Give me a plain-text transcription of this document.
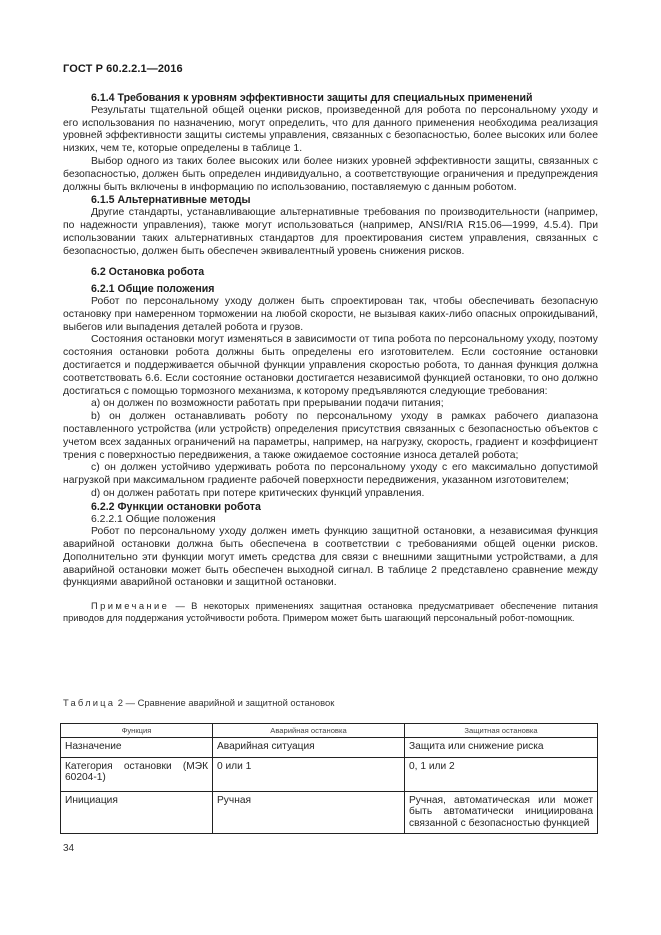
ГОСТ Р 60.2.2.1—2016
6.1.4 Требования к уровням эффективности защиты для специальных применений

Результаты тщательной общей оценки рисков, произведенной для робота по персональному уходу и его использования по назначению, могут определить, что для данного применения необходима реализация уровней эффективности защиты системы управления, связанных с безопасностью, более высоких или более низких, чем те, которые определены в таблице 1.

Выбор одного из таких более высоких или более низких уровней эффективности защиты, связанных с безопасностью, должен быть определен индивидуально, а соответствующие ограничения и предупреждения должны быть включены в информацию по использованию, поставляемую с данным роботом.

6.1.5 Альтернативные методы

Другие стандарты, устанавливающие альтернативные требования по производительности (например, по надежности управления), также могут использоваться (например, ANSI/RIA R15.06—1999, 4.5.4). При использовании таких альтернативных стандартов для проектирования систем управления, связанных с безопасностью, должен быть обеспечен эквивалентный уровень снижения рисков.

6.2 Остановка робота
6.2.1 Общие положения

Робот по персональному уходу должен быть спроектирован так, чтобы обеспечивать безопасную остановку при намеренном торможении на любой скорости, не вызывая каких-либо опасных опрокидываний, выбегов или выпадения деталей робота и грузов.

Состояния остановки могут изменяться в зависимости от типа робота по персональному уходу, поэтому состояния остановки робота должны быть определены его изготовителем. Если состояние остановки достигается и поддерживается обычной функции управления скоростью робота, то данная функция должна соответствовать 6.6. Если состояние остановки достигается независимой функцией остановки, то оно должно достигаться с помощью тормозного механизма, к которому предъявляются следующие требования:

a) он должен по возможности работать при прерывании подачи питания;

b) он должен останавливать роботу по персональному уходу в рамках рабочего диапазона поставленного устройства (или устройств) определения присутствия связанных с безопасностью объектов с учетом всех заданных ограничений на параметры, например, на нагрузку, скорость, градиент и коэффициент трения с поверхностью передвижения, а также ожидаемое состояние износа деталей робота;

c) он должен устойчиво удерживать робота по персональному уходу с его максимально допустимой нагрузкой при максимальном градиенте рабочей поверхности передвижения, указанном изготовителем;

d) он должен работать при потере критических функций управления.

6.2.2 Функции остановки робота
6.2.2.1 Общие положения

Робот по персональному уходу должен иметь функцию защитной остановки, а независимая функция аварийной остановки должна быть обеспечена в соответствии с требованиями общей оценки рисков. Дополнительно эти функции могут иметь средства для связи с внешними защитными устройствами, а для аварийной остановки может быть обеспечен выходной сигнал. В таблице 2 представлено сравнение между функциями аварийной остановки и защитной остановки.

Примечание — В некоторых применениях защитная остановка предусматривает обеспечение питания приводов для поддержания устойчивости робота. Примером может быть шагающий персональный робот-помощник.

Таблица 2 — Сравнение аварийной и защитной остановок
Функция	Аварийная остановка	Защитная остановка
Назначение	Аварийная ситуация	Защита или снижение риска
Категория остановки (МЭК 60204-1)	0 или 1	0, 1 или 2
Инициация	Ручная	Ручная, автоматическая или может быть автоматически инициирована связанной с безопасностью функцией
34
